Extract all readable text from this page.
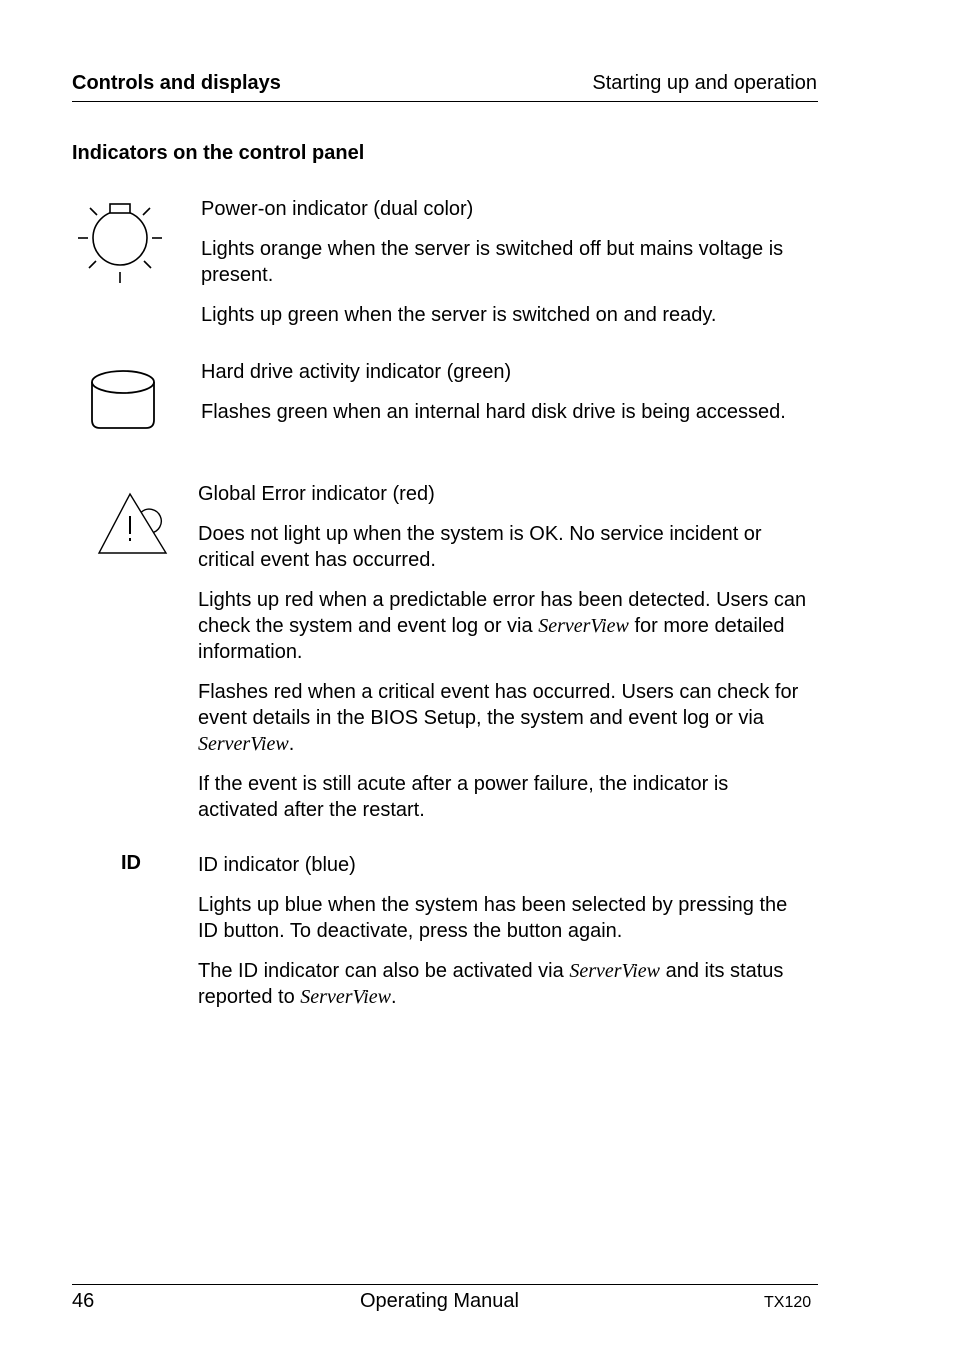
Controls and displays	Starting up and operation
Indicators on the control panel

Power-on indicator (dual color)

Lights orange when the server is switched off but mains voltage is present.

Lights up green when the server is switched on and ready.

Hard drive activity indicator (green)

Flashes green when an internal hard disk drive is being accessed.

Global Error indicator (red)

Does not light up when the system is OK. No service incident or critical event has occurred.

Lights up red when a predictable error has been detected. Users can check the system and event log or via ServerView for more detailed information.

Flashes red when a critical event has occurred. Users can check for event details in the BIOS Setup, the system and event log or via ServerView.

If the event is still acute after a power failure, the indicator is activated after the restart.

ID	ID indicator (blue)

Lights up blue when the system has been selected by pressing the ID button. To deactivate, press the button again.

The ID indicator can also be activated via ServerView and its status reported to ServerView.

46	Operating Manual	TX120
